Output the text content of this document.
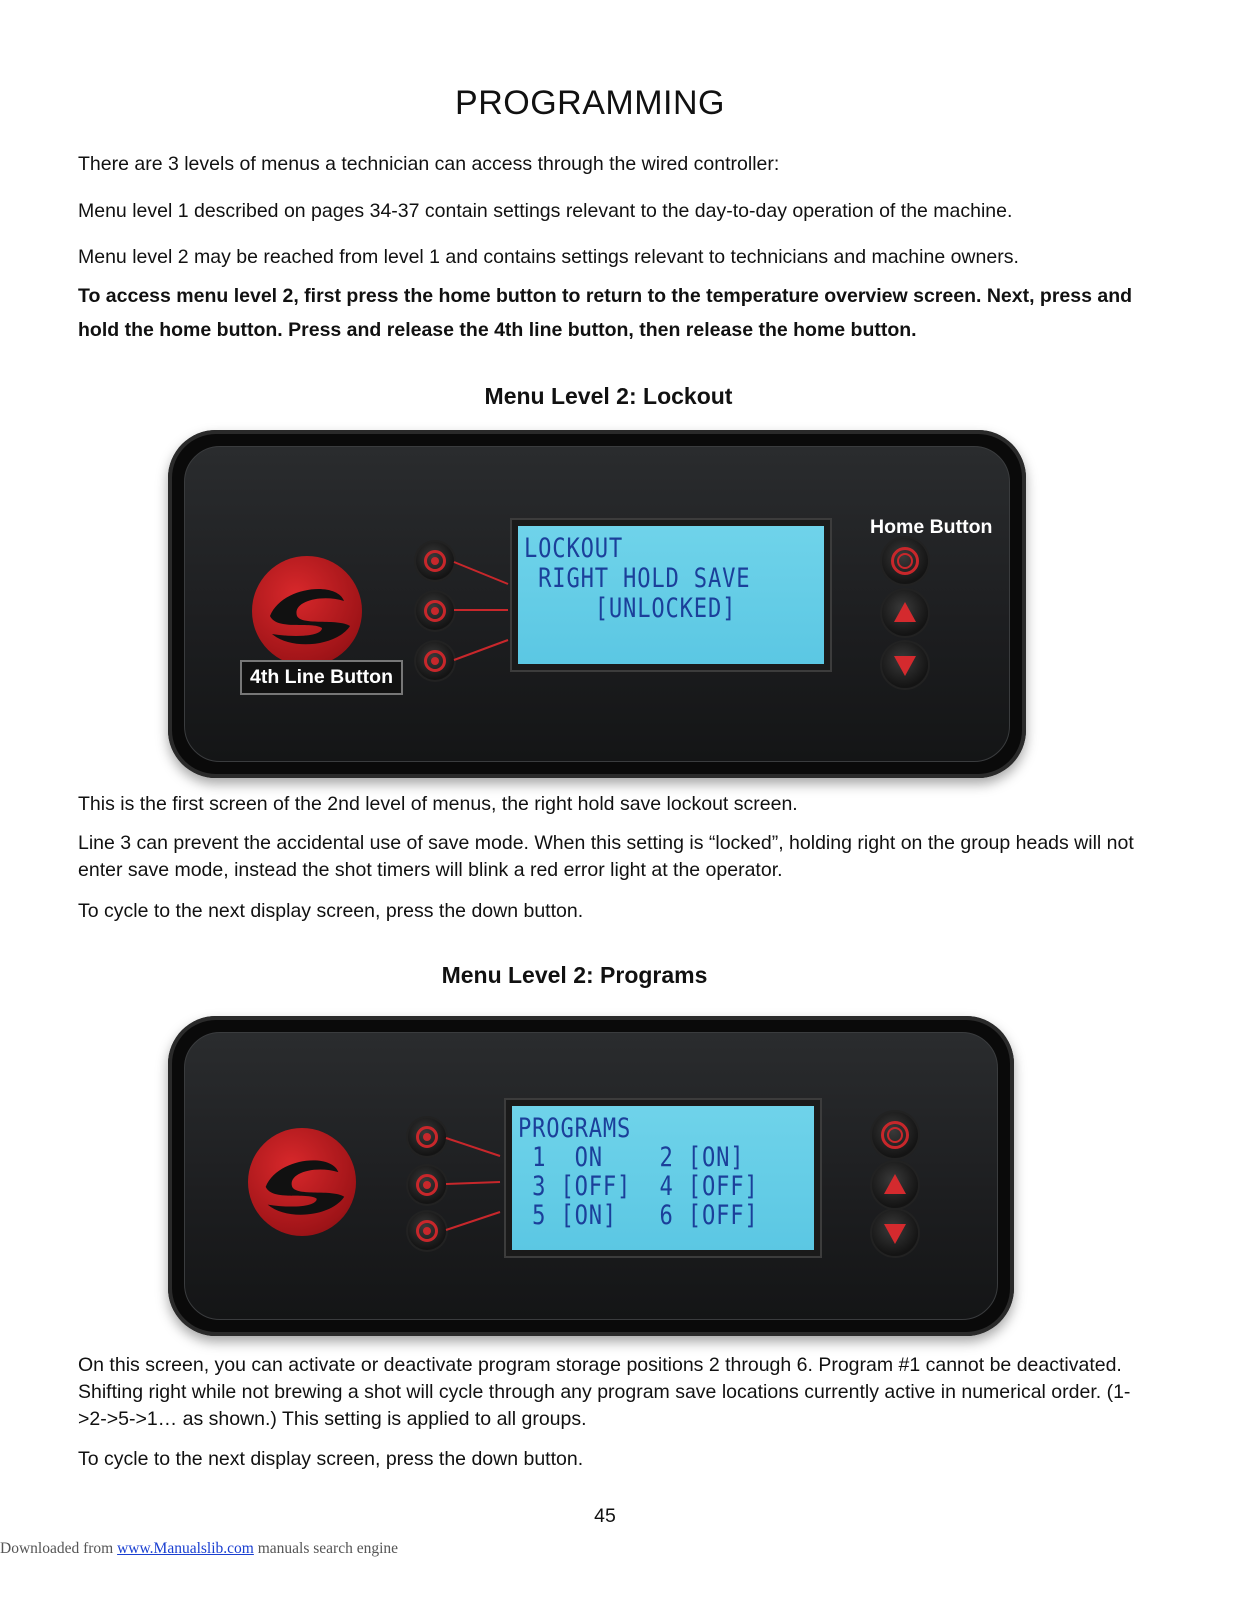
PROGRAMMING
There are 3 levels of menus a technician can access through the wired controller:
Menu level 1 described on pages 34-37 contain settings relevant to the day-to-day operation of the machine.
Menu level 2 may be reached from level 1 and contains settings relevant to technicians and machine owners.
To access menu level 2, first press the home button to return to the temperature overview screen. Next, press and hold the home button. Press and release the 4th line button, then release the home button.
Menu Level 2: Lockout
LOCKOUT
RIGHT HOLD SAVE
[UNLOCKED]
Home Button
4th Line Button
This is the first screen of the 2nd level of menus, the right hold save lockout screen.
Line 3 can prevent the accidental use of save mode. When this setting is “locked”, holding right on the group heads will not enter save mode, instead the shot timers will blink a red error light at the operator.
To cycle to the next display screen, press the down button.
Menu Level 2: Programs
PROGRAMS
1  ON    2 [ON]
3 [OFF]  4 [OFF]
5 [ON]   6 [OFF]
On this screen, you can activate or deactivate program storage positions 2 through 6. Program #1 cannot be deactivated. Shifting right while not brewing a shot will cycle through any program save locations currently active in numerical order. (1->2->5->1… as shown.) This setting is applied to all groups.
To cycle to the next display screen, press the down button.
45
Downloaded from www.Manualslib.com manuals search engine
